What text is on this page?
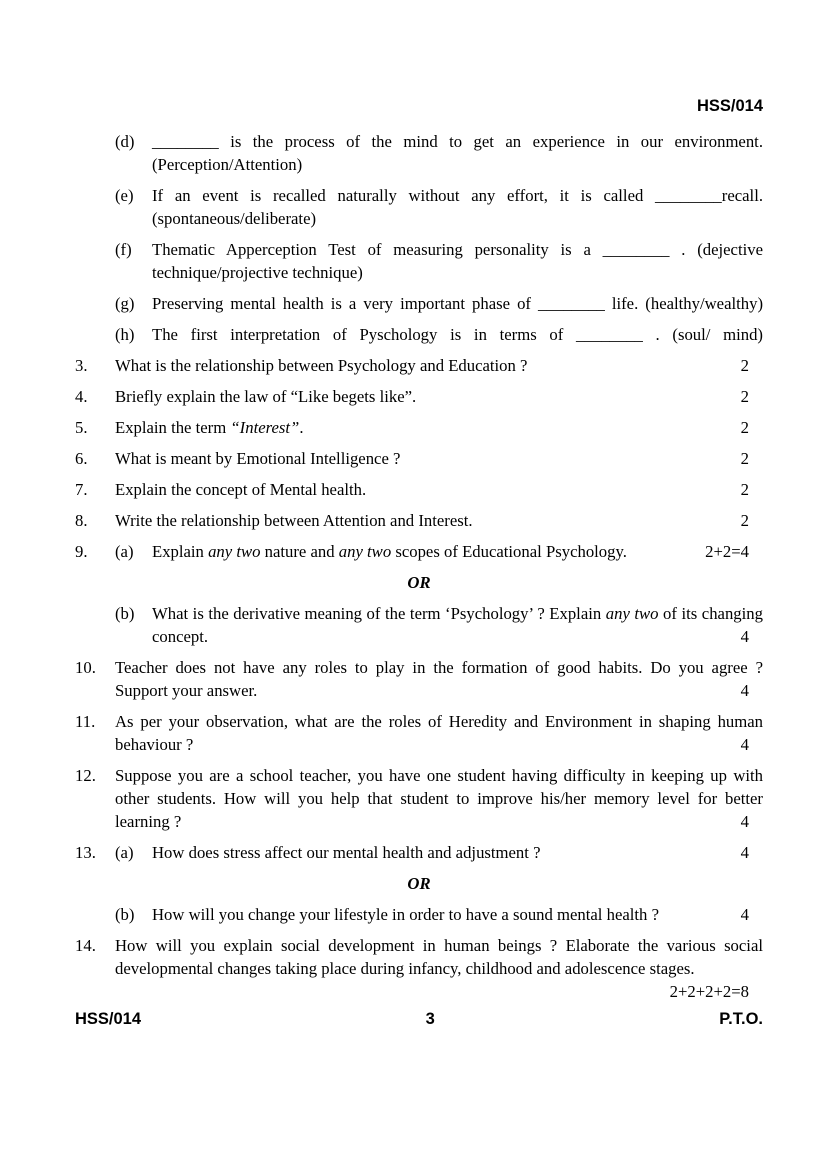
HSS/014
(d)	________ is the process of the mind to get an experience in our environment.
(Perception/Attention)
(e)	If an event is recalled naturally without any effort, it is called ________recall.
(spontaneous/deliberate)
(f)	Thematic Apperception Test of measuring personality is a ________ . (dejective
technique/projective technique)
(g)	Preserving mental health is a very important phase of ________ life. (healthy/wealthy)
(h)	The first interpretation of Pyschology is in terms of ________ . (soul/ mind)
3.	What is the relationship between Psychology and Education ?	2
4.	Briefly explain the law of “Like begets like”.	2
5.	Explain the term “Interest”.	2
6.	What is meant by Emotional Intelligence ?	2
7.	Explain the concept of Mental health.	2
8.	Write the relationship between Attention and Interest.	2
9.	(a)	Explain any two nature and any two scopes of Educational Psychology.	2+2=4
OR
(b)	What is the derivative meaning of the term ‘Psychology’ ? Explain any two of its changing
concept.	4
10.	Teacher does not have any roles to play in the formation of good habits. Do you agree ?
Support your answer.	4
11.	As per your observation, what are the roles of Heredity and Environment in shaping human
behaviour ?	4
12.	Suppose you are a school teacher, you have one student having difficulty in keeping up with
other students. How will you help that student to improve his/her memory level for better
learning ?	4
13.	(a)	How does stress affect our mental health and adjustment ?	4
OR
(b)	How will you change your lifestyle in order to have a sound mental health ?	4
14.	How will you explain social development in human beings ? Elaborate the various social
developmental changes taking place during infancy, childhood and adolescence stages.
2+2+2+2=8
HSS/014	3	P.T.O.
